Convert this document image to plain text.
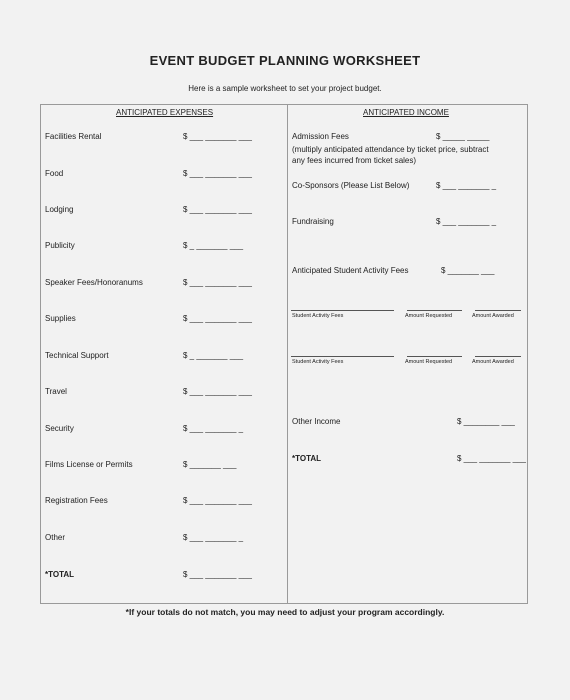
EVENT BUDGET PLANNING WORKSHEET
Here is a sample worksheet to set your project budget.
ANTICIPATED EXPENSES
Facilities Rental	$ ___ _______ ___
Food	$ ___ _______ ___
Lodging	$ ___ _______ ___
Publicity	$ _ _______ ___
Speaker Fees/Honoranums	$ ___ _______ ___
Supplies	$ ___ _______ ___
Technical Support	$ _ _______ ___
Travel	$ ___ _______ ___
Security	$ ___ _______ _
Films License or Permits	$ _______ ___
Registration Fees	$ ___ _______ ___
Other	$ ___ _______ _
*TOTAL	$ ___ _______ ___
ANTICIPATED INCOME
Admission Fees	$ _____ _____
(multiply anticipated attendance by ticket price, subtract
any fees incurred from ticket sales)
Co-Sponsors (Please List Below)	$ ___ _______ _
Fundraising	$ ___ _______ _
Anticipated Student Activity Fees	$ _______ ___
Student Activity Fees	Amount Requested	Amount Awarded
Student Activity Fees	Amount Requested	Amount Awarded
Other Income	$ ________ ___
*TOTAL	$ ___ _______ ___
*If your totals do not match, you may need to adjust your program accordingly.
